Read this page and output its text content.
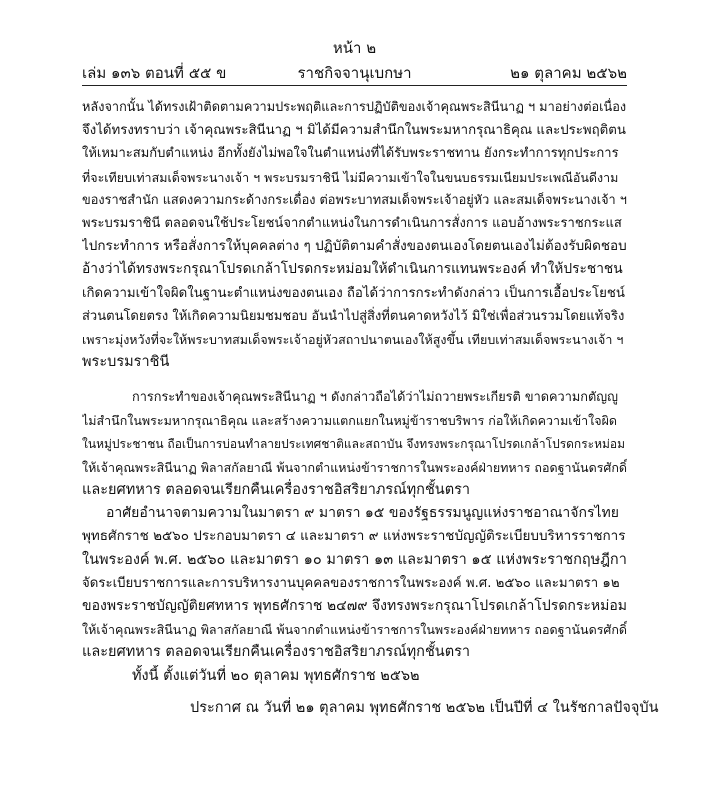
หน้า ๒
เล่ม ๑๓๖ ตอนที่ ๕๕ ข	ราชกิจจานุเบกษา	๒๑ ตุลาคม ๒๕๖๒
หลังจากนั้น ได้ทรงเฝ้าติดตามความประพฤติและการปฏิบัติของเจ้าคุณพระสินีนาฏ ฯ มาอย่างต่อเนื่อง
จึงได้ทรงทราบว่า เจ้าคุณพระสินีนาฏ ฯ มิได้มีความสำนึกในพระมหากรุณาธิคุณ และประพฤติตน
ให้เหมาะสมกับตำแหน่ง อีกทั้งยังไม่พอใจในตำแหน่งที่ได้รับพระราชทาน ยังกระทำการทุกประการ
ที่จะเทียบเท่าสมเด็จพระนางเจ้า ฯ พระบรมราชินี ไม่มีความเข้าใจในขนบธรรมเนียมประเพณีอันดีงาม
ของราชสำนัก แสดงความกระด้างกระเดื่อง ต่อพระบาทสมเด็จพระเจ้าอยู่หัว และสมเด็จพระนางเจ้า ฯ
พระบรมราชินี ตลอดจนใช้ประโยชน์จากตำแหน่งในการดำเนินการสั่งการ แอบอ้างพระราชกระแส
ไปกระทำการ หรือสั่งการให้บุคคลต่าง ๆ ปฏิบัติตามคำสั่งของตนเองโดยตนเองไม่ต้องรับผิดชอบ
อ้างว่าได้ทรงพระกรุณาโปรดเกล้าโปรดกระหม่อมให้ดำเนินการแทนพระองค์ ทำให้ประชาชน
เกิดความเข้าใจผิดในฐานะตำแหน่งของตนเอง ถือได้ว่าการกระทำดังกล่าว เป็นการเอื้อประโยชน์
ส่วนตนโดยตรง ให้เกิดความนิยมชมชอบ อันนำไปสู่สิ่งที่ตนคาดหวังไว้ มิใช่เพื่อส่วนรวมโดยแท้จริง
เพราะมุ่งหวังที่จะให้พระบาทสมเด็จพระเจ้าอยู่หัวสถาปนาตนเองให้สูงขึ้น เทียบเท่าสมเด็จพระนางเจ้า ฯ
พระบรมราชินี
การกระทำของเจ้าคุณพระสินีนาฏ ฯ ดังกล่าวถือได้ว่าไม่ถวายพระเกียรติ ขาดความกตัญญู
ไม่สำนึกในพระมหากรุณาธิคุณ และสร้างความแตกแยกในหมู่ข้าราชบริพาร ก่อให้เกิดความเข้าใจผิด
ในหมู่ประชาชน ถือเป็นการบ่อนทำลายประเทศชาติและสถาบัน จึงทรงพระกรุณาโปรดเกล้าโปรดกระหม่อม
ให้เจ้าคุณพระสินีนาฏ พิลาสกัลยาณี พ้นจากตำแหน่งข้าราชการในพระองค์ฝ่ายทหาร ถอดฐานันดรศักดิ์
และยศทหาร ตลอดจนเรียกคืนเครื่องราชอิสริยาภรณ์ทุกชั้นตรา
อาศัยอำนาจตามความในมาตรา ๙ มาตรา ๑๕ ของรัฐธรรมนูญแห่งราชอาณาจักรไทย
พุทธศักราช ๒๕๖๐ ประกอบมาตรา ๔ และมาตรา ๙ แห่งพระราชบัญญัติระเบียบบริหารราชการ
ในพระองค์ พ.ศ. ๒๕๖๐ และมาตรา ๑๐ มาตรา ๑๓ และมาตรา ๑๕ แห่งพระราชกฤษฎีกา
จัดระเบียบราชการและการบริหารงานบุคคลของราชการในพระองค์ พ.ศ. ๒๕๖๐ และมาตรา ๑๒
ของพระราชบัญญัติยศทหาร พุทธศักราช ๒๔๗๙ จึงทรงพระกรุณาโปรดเกล้าโปรดกระหม่อม
ให้เจ้าคุณพระสินีนาฏ พิลาสกัลยาณี พ้นจากตำแหน่งข้าราชการในพระองค์ฝ่ายทหาร ถอดฐานันดรศักดิ์
และยศทหาร ตลอดจนเรียกคืนเครื่องราชอิสริยาภรณ์ทุกชั้นตรา
ทั้งนี้ ตั้งแต่วันที่ ๒๐ ตุลาคม พุทธศักราช ๒๕๖๒
ประกาศ ณ วันที่ ๒๑ ตุลาคม พุทธศักราช ๒๕๖๒ เป็นปีที่ ๔ ในรัชกาลปัจจุบัน
